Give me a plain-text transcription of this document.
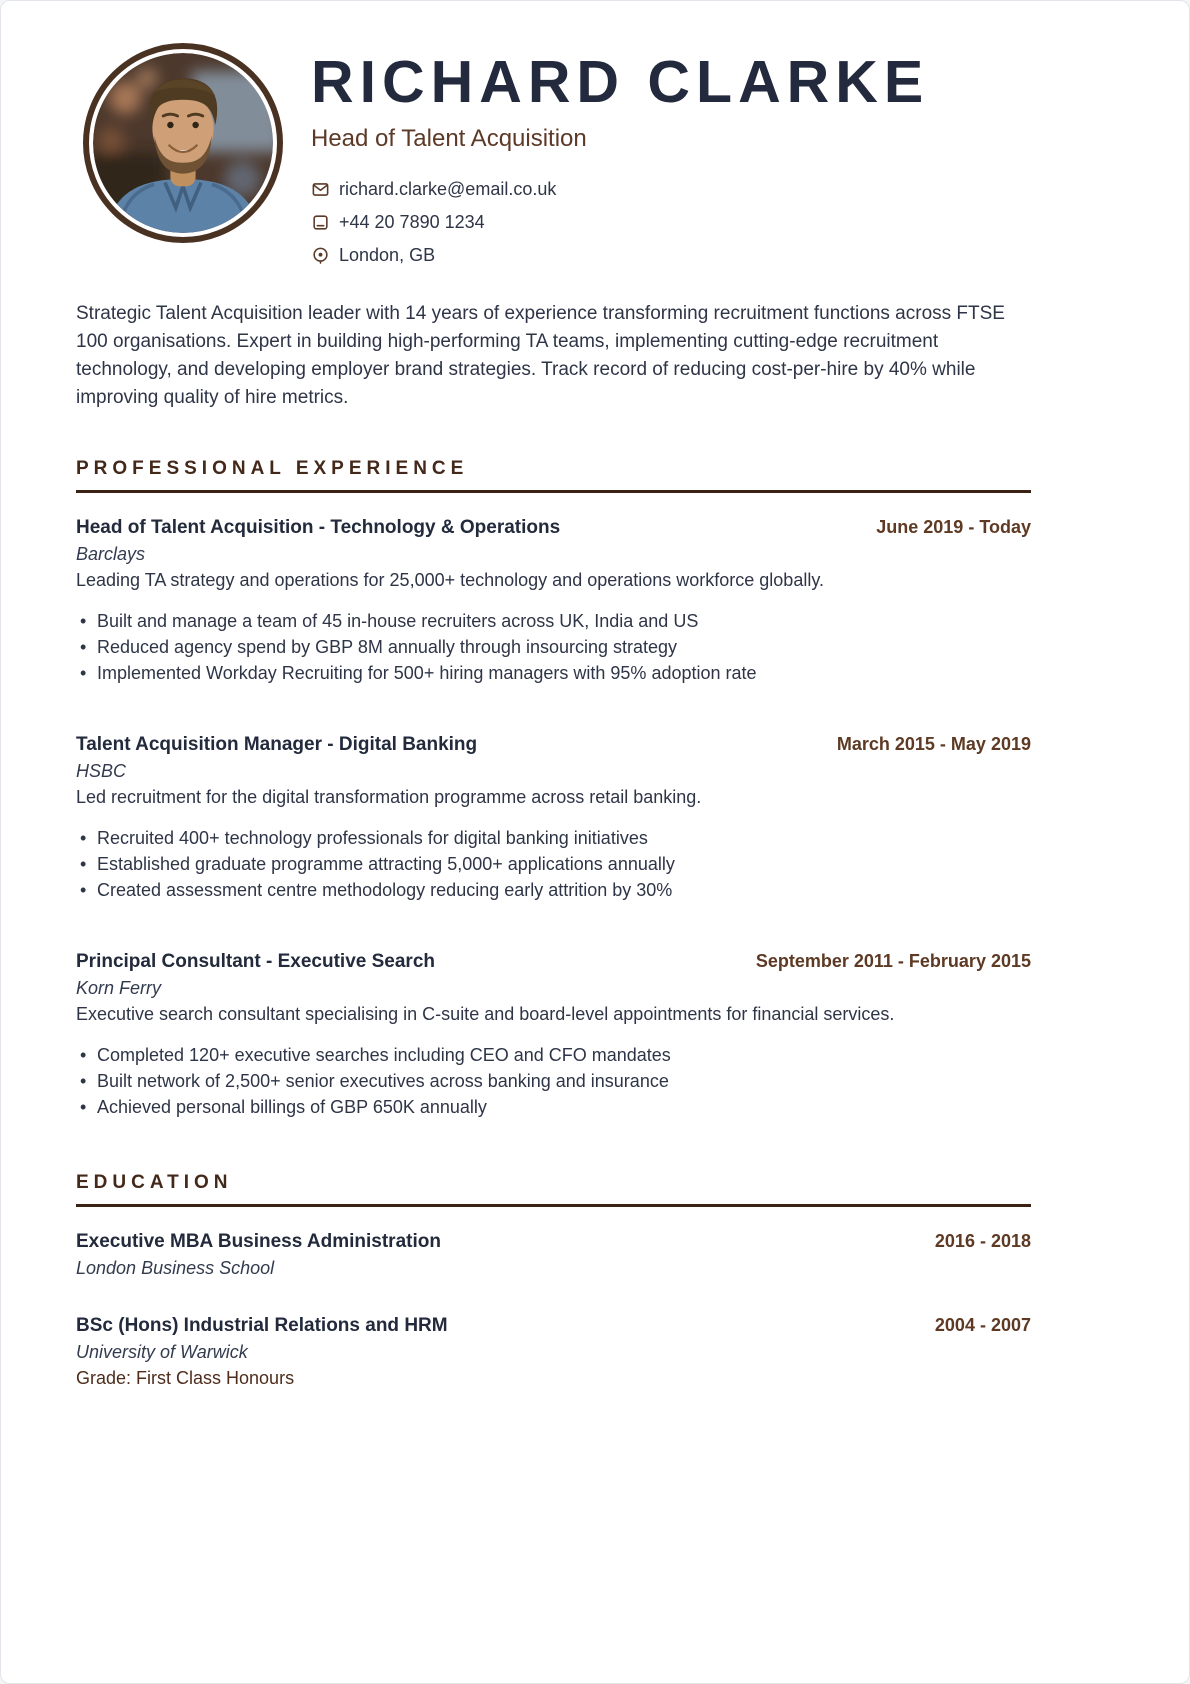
RICHARD CLARKE
Head of Talent Acquisition
richard.clarke@email.co.uk
+44 20 7890 1234
London, GB

Strategic Talent Acquisition leader with 14 years of experience transforming recruitment functions across FTSE 100 organisations. Expert in building high-performing TA teams, implementing cutting-edge recruitment technology, and developing employer brand strategies. Track record of reducing cost-per-hire by 40% while improving quality of hire metrics.

PROFESSIONAL EXPERIENCE
Head of Talent Acquisition - Technology & Operations	June 2019 - Today
Barclays

Leading TA strategy and operations for 25,000+ technology and operations workforce globally.

• Built and manage a team of 45 in-house recruiters across UK, India and US
• Reduced agency spend by GBP 8M annually through insourcing strategy
• Implemented Workday Recruiting for 500+ hiring managers with 95% adoption rate
Talent Acquisition Manager - Digital Banking	March 2015 - May 2019
HSBC

Led recruitment for the digital transformation programme across retail banking.

• Recruited 400+ technology professionals for digital banking initiatives
• Established graduate programme attracting 5,000+ applications annually
• Created assessment centre methodology reducing early attrition by 30%
Principal Consultant - Executive Search	September 2011 - February 2015
Korn Ferry

Executive search consultant specialising in C-suite and board-level appointments for financial services.

• Completed 120+ executive searches including CEO and CFO mandates
• Built network of 2,500+ senior executives across banking and insurance
• Achieved personal billings of GBP 650K annually
EDUCATION
Executive MBA Business Administration	2016 - 2018
London Business School
BSc (Hons) Industrial Relations and HRM	2004 - 2007
University of Warwick
Grade: First Class Honours
